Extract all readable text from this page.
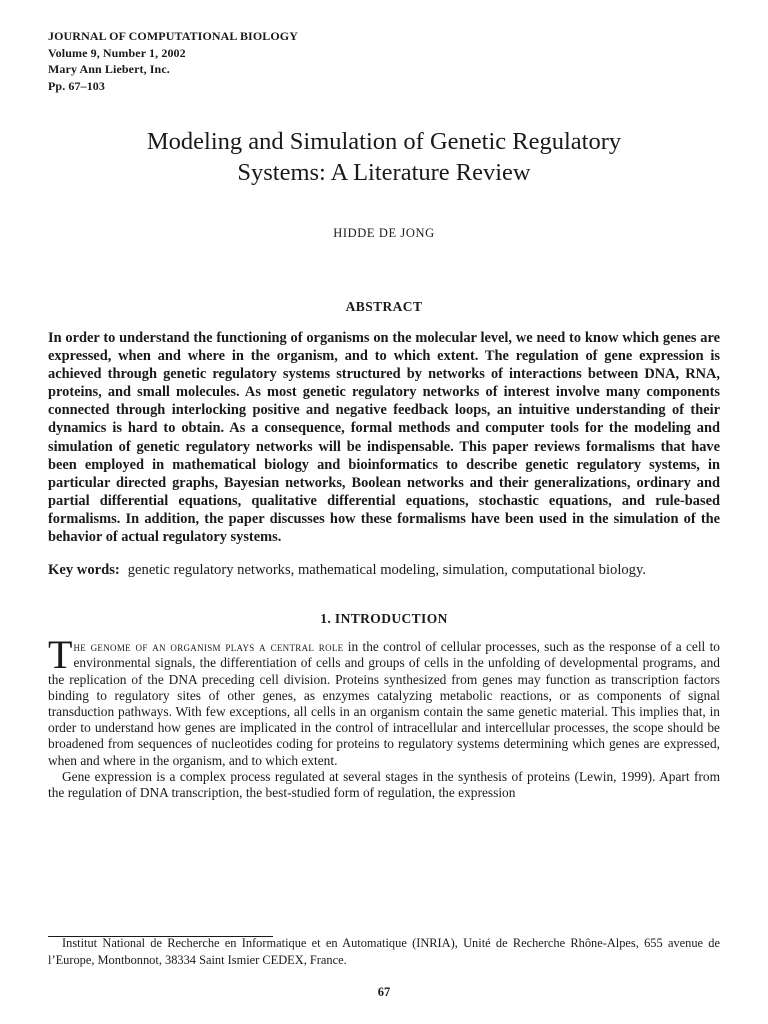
JOURNAL OF COMPUTATIONAL BIOLOGY
Volume 9, Number 1, 2002
Mary Ann Liebert, Inc.
Pp. 67–103
Modeling and Simulation of Genetic Regulatory
Systems: A Literature Review
HIDDE DE JONG
ABSTRACT
In order to understand the functioning of organisms on the molecular level, we need to know which genes are expressed, when and where in the organism, and to which extent. The regulation of gene expression is achieved through genetic regulatory systems structured by networks of interactions between DNA, RNA, proteins, and small molecules. As most genetic regulatory networks of interest involve many components connected through interlocking positive and negative feedback loops, an intuitive understanding of their dynamics is hard to obtain. As a consequence, formal methods and computer tools for the modeling and simulation of genetic regulatory networks will be indispensable. This paper reviews formalisms that have been employed in mathematical biology and bioinformatics to describe genetic regulatory systems, in particular directed graphs, Bayesian networks, Boolean networks and their generalizations, ordinary and partial differential equations, qualitative differential equations, stochastic equations, and rule-based formalisms. In addition, the paper discusses how these formalisms have been used in the simulation of the behavior of actual regulatory systems.
Key words: genetic regulatory networks, mathematical modeling, simulation, computational biology.
1. INTRODUCTION

The genome of an organism plays a central role in the control of cellular processes, such as the response of a cell to environmental signals, the differentiation of cells and groups of cells in the unfolding of developmental programs, and the replication of the DNA preceding cell division. Proteins synthesized from genes may function as transcription factors binding to regulatory sites of other genes, as enzymes catalyzing metabolic reactions, or as components of signal transduction pathways. With few exceptions, all cells in an organism contain the same genetic material. This implies that, in order to understand how genes are implicated in the control of intracellular and intercellular processes, the scope should be broadened from sequences of nucleotides coding for proteins to regulatory systems determining which genes are expressed, when and where in the organism, and to which extent.

Gene expression is a complex process regulated at several stages in the synthesis of proteins (Lewin, 1999). Apart from the regulation of DNA transcription, the best-studied form of regulation, the expression

Institut National de Recherche en Informatique et en Automatique (INRIA), Unité de Recherche Rhône-Alpes, 655 avenue de l’Europe, Montbonnot, 38334 Saint Ismier CEDEX, France.
67
